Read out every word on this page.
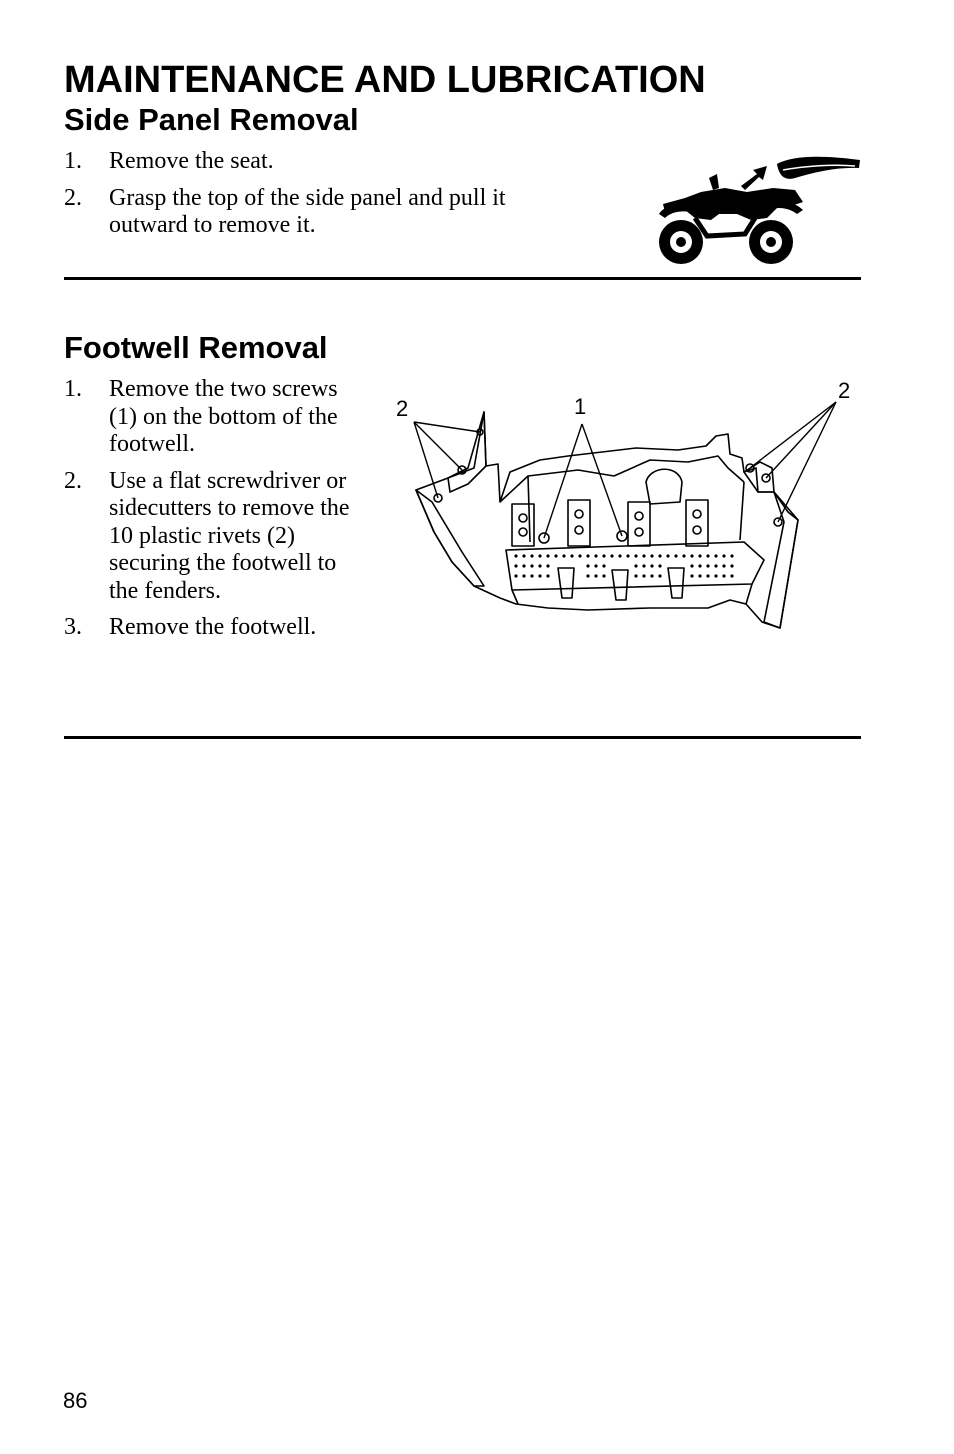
MAINTENANCE AND LUBRICATION
Side Panel Removal
1. Remove the seat.
2. Grasp the top of the side panel and pull it outward to remove it.
Footwell Removal
1. Remove the two screws (1) on the bottom of the footwell.
2. Use a flat screwdriver or sidecutters to remove the 10 plastic rivets (2) securing the footwell to the fenders.
3. Remove the footwell.
2	1
2
86
